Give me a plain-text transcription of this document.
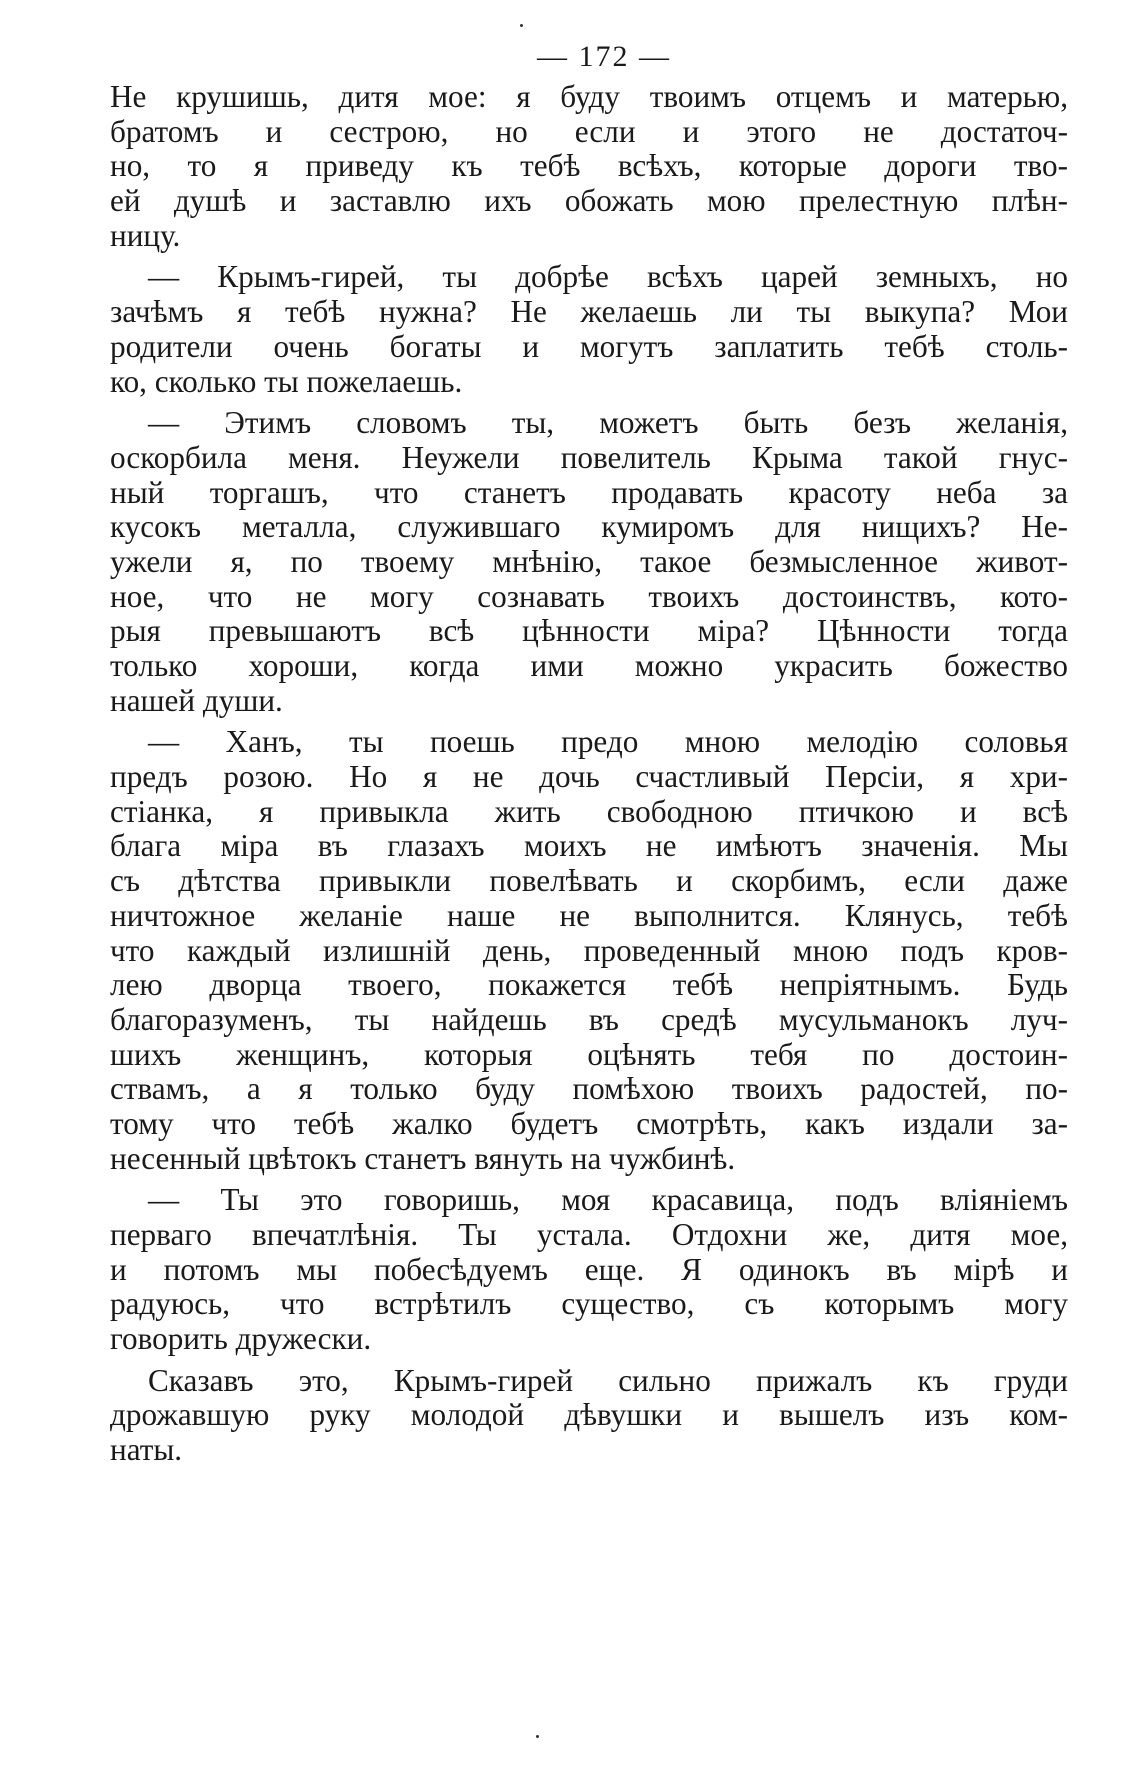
— 172 —
Не крушишь, дитя мое: я буду твоимъ отцемъ и матерью,
братомъ и сестрою, но если и этого не достаточ-
но, то я приведу къ тебѣ всѣхъ, которые дороги тво-
ей душѣ и заставлю ихъ обожать мою прелестную плѣн-
ницу.
— Крымъ-гирей, ты добрѣе всѣхъ царей земныхъ, но
зачѣмъ я тебѣ нужна? Не желаешь ли ты выкупа? Мои
родители очень богаты и могутъ заплатить тебѣ столь-
ко, сколько ты пожелаешь.
— Этимъ словомъ ты, можетъ быть безъ желанія,
оскорбила меня. Неужели повелитель Крыма такой гнус-
ный торгашъ, что станетъ продавать красоту неба за
кусокъ металла, служившаго кумиромъ для нищихъ? Не-
ужели я, по твоему мнѣнію, такое безмысленное живот-
ное, что не могу сознавать твоихъ достоинствъ, кото-
рыя превышаютъ всѣ цѣнности міра? Цѣнности тогда
только хороши, когда ими можно украсить божество
нашей души.
— Ханъ, ты поешь предо мною мелодію соловья
предъ розою. Но я не дочь счастливый Персіи, я хри-
стіанка, я привыкла жить свободною птичкою и всѣ
блага міра въ глазахъ моихъ не имѣютъ значенія. Мы
съ дѣтства привыкли повелѣвать и скорбимъ, если даже
ничтожное желаніе наше не выполнится. Клянусь, тебѣ
что каждый излишній день, проведенный мною подъ кров-
лею дворца твоего, покажется тебѣ непріятнымъ. Будь
благоразуменъ, ты найдешь въ средѣ мусульманокъ луч-
шихъ женщинъ, которыя оцѣнять тебя по достоин-
ствамъ, а я только буду помѣхою твоихъ радостей, по-
тому что тебѣ жалко будетъ смотрѣть, какъ издали за-
несенный цвѣтокъ станетъ вянуть на чужбинѣ.
— Ты это говоришь, моя красавица, подъ вліяніемъ
перваго впечатлѣнія. Ты устала. Отдохни же, дитя мое,
и потомъ мы побесѣдуемъ еще. Я одинокъ въ мірѣ и
радуюсь, что встрѣтилъ существо, съ которымъ могу
говорить дружески.
Сказавъ это, Крымъ-гирей сильно прижалъ къ груди
дрожавшую руку молодой дѣвушки и вышелъ изъ ком-
наты.
